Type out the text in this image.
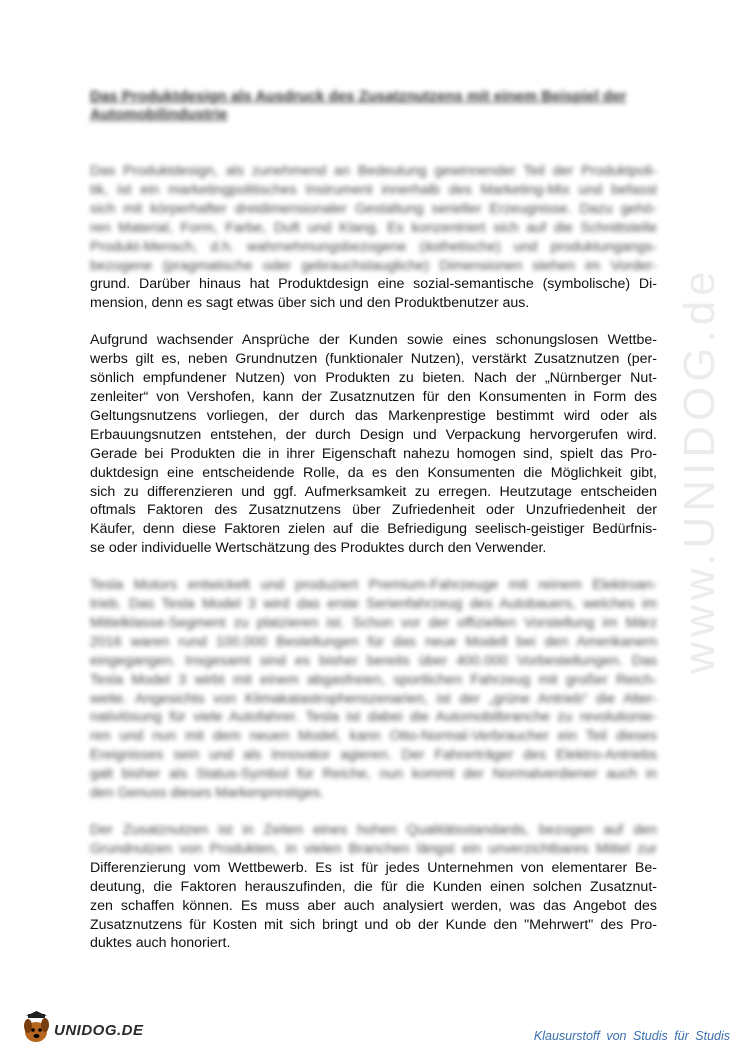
www.UNIDOG.de
Das Produktdesign als Ausdruck des Zusatznutzens mit einem Beispiel der Automobilindustrie
Das Produktdesign, als zunehmend an Bedeutung gewinnender Teil der Produktpoli-
tik, ist ein marketingpolitisches Instrument innerhalb des Marketing-Mix und befasst
sich mit körperhafter dreidimensionaler Gestaltung serieller Erzeugnisse. Dazu gehö-
ren Material, Form, Farbe, Duft und Klang. Es konzentriert sich auf die Schnittstelle
Produkt-Mensch, d.h. wahrnehmungsbezogene (ästhetische) und produktungangs-
bezogene (pragmatische oder gebrauchstaugliche) Dimensionen stehen im Vorder-
grund. Darüber hinaus hat Produktdesign eine sozial-semantische (symbolische) Di-
mension, denn es sagt etwas über sich und den Produktbenutzer aus.
Aufgrund wachsender Ansprüche der Kunden sowie eines schonungslosen Wettbe-
werbs gilt es, neben Grundnutzen (funktionaler Nutzen), verstärkt Zusatznutzen (per-
sönlich empfundener Nutzen) von Produkten zu bieten. Nach der „Nürnberger Nut-
zenleiter“ von Vershofen, kann der Zusatznutzen für den Konsumenten in Form des
Geltungsnutzens vorliegen, der durch das Markenprestige bestimmt wird oder als
Erbauungsnutzen entstehen, der durch Design und Verpackung hervorgerufen wird.
Gerade bei Produkten die in ihrer Eigenschaft nahezu homogen sind, spielt das Pro-
duktdesign eine entscheidende Rolle, da es den Konsumenten die Möglichkeit gibt,
sich zu differenzieren und ggf. Aufmerksamkeit zu erregen. Heutzutage entscheiden
oftmals Faktoren des Zusatznutzens über Zufriedenheit oder Unzufriedenheit der
Käufer, denn diese Faktoren zielen auf die Befriedigung seelisch-geistiger Bedürfnis-
se oder individuelle Wertschätzung des Produktes durch den Verwender.
Tesla Motors entwickelt und produziert Premium-Fahrzeuge mit reinem Elektroan-
trieb. Das Tesla Model 3 wird das erste Serienfahrzeug des Autobauers, welches im
Mittelklasse-Segment zu platzieren ist. Schon vor der offiziellen Vorstellung im März
2016 waren rund 100.000 Bestellungen für das neue Modell bei den Amerikanern
eingegangen. Insgesamt sind es bisher bereits über 400.000 Vorbestellungen. Das
Tesla Model 3 wirbt mit einem abgasfreien, sportlichen Fahrzeug mit großer Reich-
weite. Angesichts von Klimakatastrophenszenarien, ist der „grüne Antrieb“ die Alter-
nativlösung für viele Autofahrer. Tesla ist dabei die Automobilbranche zu revolutionie-
ren und nun mit dem neuen Model, kann Otto-Normal-Verbraucher ein Teil dieses
Ereignisses sein und als Innovator agieren. Der Fahrerträger des Elektro-Antriebs
galt bisher als Status-Symbol für Reiche, nun kommt der Normalverdiener auch in
den Genuss dieses Markenprestiges.
Der Zusatznutzen ist in Zeiten eines hohen Qualitätsstandards, bezogen auf den
Grundnutzen von Produkten, in vielen Branchen längst ein unverzichtbares Mittel zur
Differenzierung vom Wettbewerb. Es ist für jedes Unternehmen von elementarer Be-
deutung, die Faktoren herauszufinden, die für die Kunden einen solchen Zusatznut-
zen schaffen können. Es muss aber auch analysiert werden, was das Angebot des
Zusatznutzens für Kosten mit sich bringt und ob der Kunde den "Mehrwert" des Pro-
duktes auch honoriert.
UNIDOG.DE	Klausurstoff von Studis für Studis
